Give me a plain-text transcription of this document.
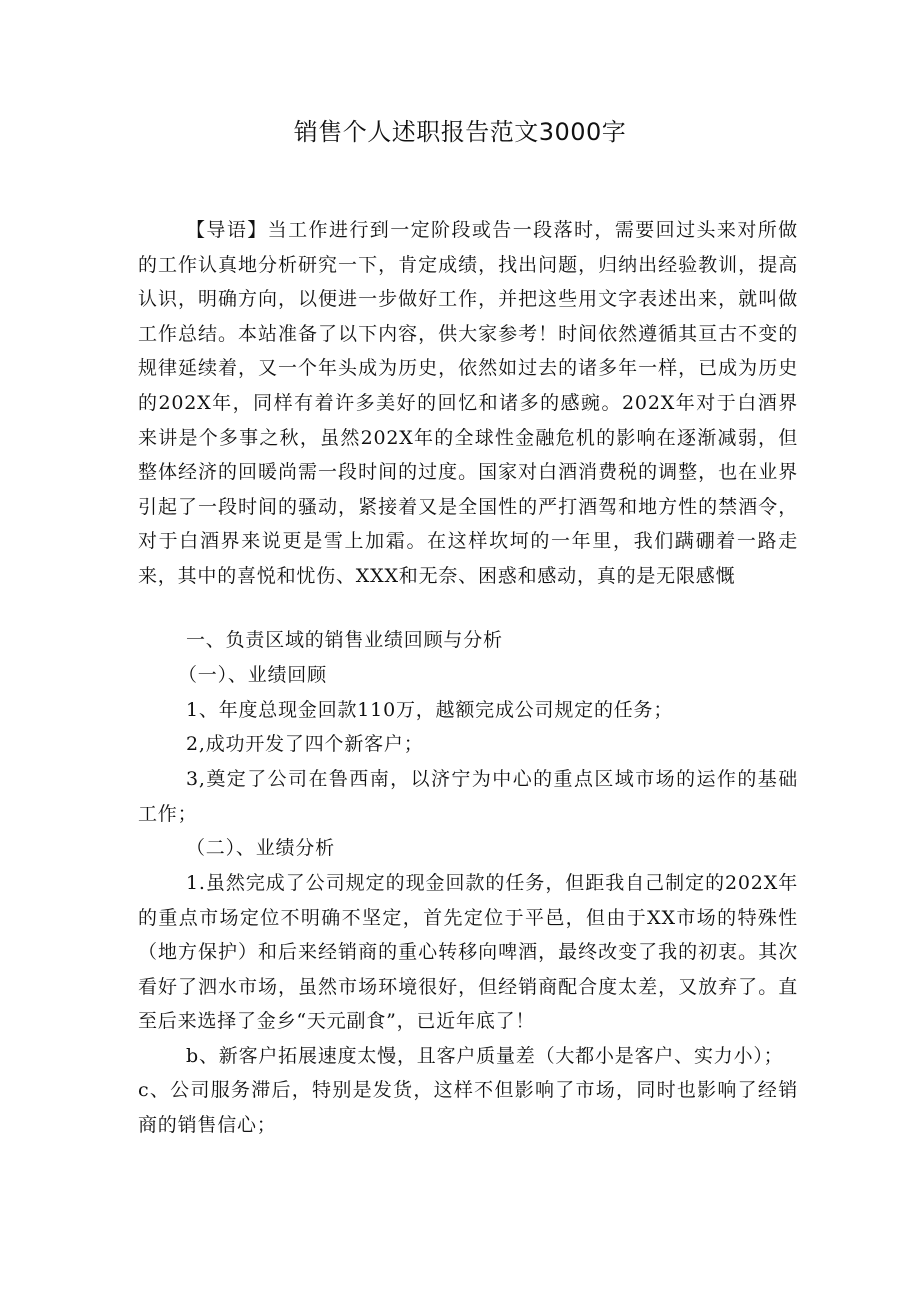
销售个人述职报告范文3000字

【导语】当工作进行到一定阶段或告一段落时，需要回过头来对所做的工作认真地分析研究一下，肯定成绩，找出问题，归纳出经验教训，提高认识，明确方向，以便进一步做好工作，并把这些用文字表述出来，就叫做工作总结。本站准备了以下内容，供大家参考！时间依然遵循其亘古不变的规律延续着，又一个年头成为历史，依然如过去的诸多年一样，已成为历史的202X年，同样有着许多美好的回忆和诸多的感豌。202X年对于白酒界来讲是个多事之秋，虽然202X年的全球性金融危机的影响在逐渐减弱，但整体经济的回暖尚需一段时间的过度。国家对白酒消费税的调整，也在业界引起了一段时间的骚动，紧接着又是全国性的严打酒驾和地方性的禁酒令，对于白酒界来说更是雪上加霜。在这样坎坷的一年里，我们蹒硼着一路走来，其中的喜悦和忧伤、XXX和无奈、困惑和感动，真的是无限感慨

一、负责区域的销售业绩回顾与分析

（一）、业绩回顾

1、年度总现金回款110万，越额完成公司规定的任务；

2,成功开发了四个新客户；

3,奠定了公司在鲁西南，以济宁为中心的重点区域市场的运作的基础工作；

（二）、业绩分析

1.虽然完成了公司规定的现金回款的任务，但距我自己制定的202X年的重点市场定位不明确不坚定，首先定位于平邑，但由于XX市场的特殊性（地方保护）和后来经销商的重心转移向啤酒，最终改变了我的初衷。其次看好了泗水市场，虽然市场环境很好，但经销商配合度太差，又放弃了。直至后来选择了金乡“天元副食”，已近年底了！

b、新客户拓展速度太慢，且客户质量差（大都小是客户、实力小）；

c、公司服务滞后，特别是发货，这样不但影响了市场，同时也影响了经销商的销售信心；
